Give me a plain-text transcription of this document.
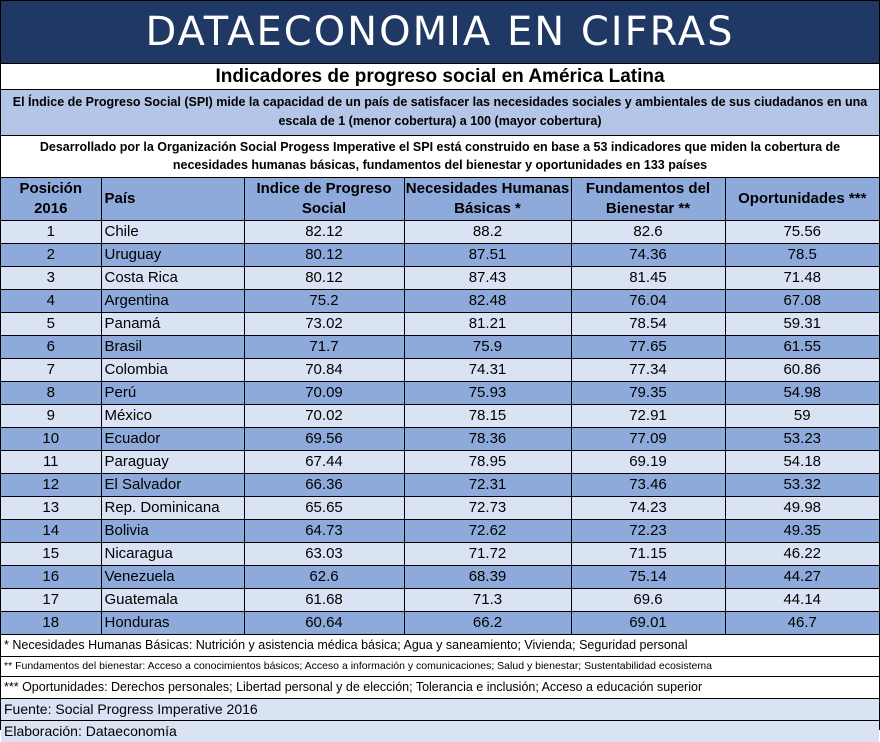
DATAECONOMIA EN CIFRAS
Indicadores de progreso social en América Latina
El Índice de Progreso Social (SPI) mide la capacidad de un país de satisfacer las necesidades sociales y ambientales de sus ciudadanos en una escala de 1 (menor cobertura) a 100 (mayor cobertura)
Desarrollado por la Organización Social Progess Imperative el SPI está construido en base a 53 indicadores que miden la cobertura de necesidades humanas básicas, fundamentos del bienestar y oportunidades en 133 países
Posición 2016	País	Indice de Progreso Social	Necesidades Humanas Básicas *	Fundamentos del Bienestar **	Oportunidades ***
1	Chile	82.12	88.2	82.6	75.56
2	Uruguay	80.12	87.51	74.36	78.5
3	Costa Rica	80.12	87.43	81.45	71.48
4	Argentina	75.2	82.48	76.04	67.08
5	Panamá	73.02	81.21	78.54	59.31
6	Brasil	71.7	75.9	77.65	61.55
7	Colombia	70.84	74.31	77.34	60.86
8	Perú	70.09	75.93	79.35	54.98
9	México	70.02	78.15	72.91	59
10	Ecuador	69.56	78.36	77.09	53.23
11	Paraguay	67.44	78.95	69.19	54.18
12	El Salvador	66.36	72.31	73.46	53.32
13	Rep. Dominicana	65.65	72.73	74.23	49.98
14	Bolivia	64.73	72.62	72.23	49.35
15	Nicaragua	63.03	71.72	71.15	46.22
16	Venezuela	62.6	68.39	75.14	44.27
17	Guatemala	61.68	71.3	69.6	44.14
18	Honduras	60.64	66.2	69.01	46.7
* Necesidades Humanas Básicas: Nutrición y asistencia médica básica; Agua y saneamiento; Vivienda; Seguridad personal
** Fundamentos del bienestar: Acceso a conocimientos básicos; Acceso a información y comunicaciones; Salud y bienestar; Sustentabilidad ecosistema
*** Oportunidades: Derechos personales; Libertad personal y de elección; Tolerancia e inclusión; Acceso a educación superior
Fuente: Social Progress Imperative 2016
Elaboración: Dataeconomía
